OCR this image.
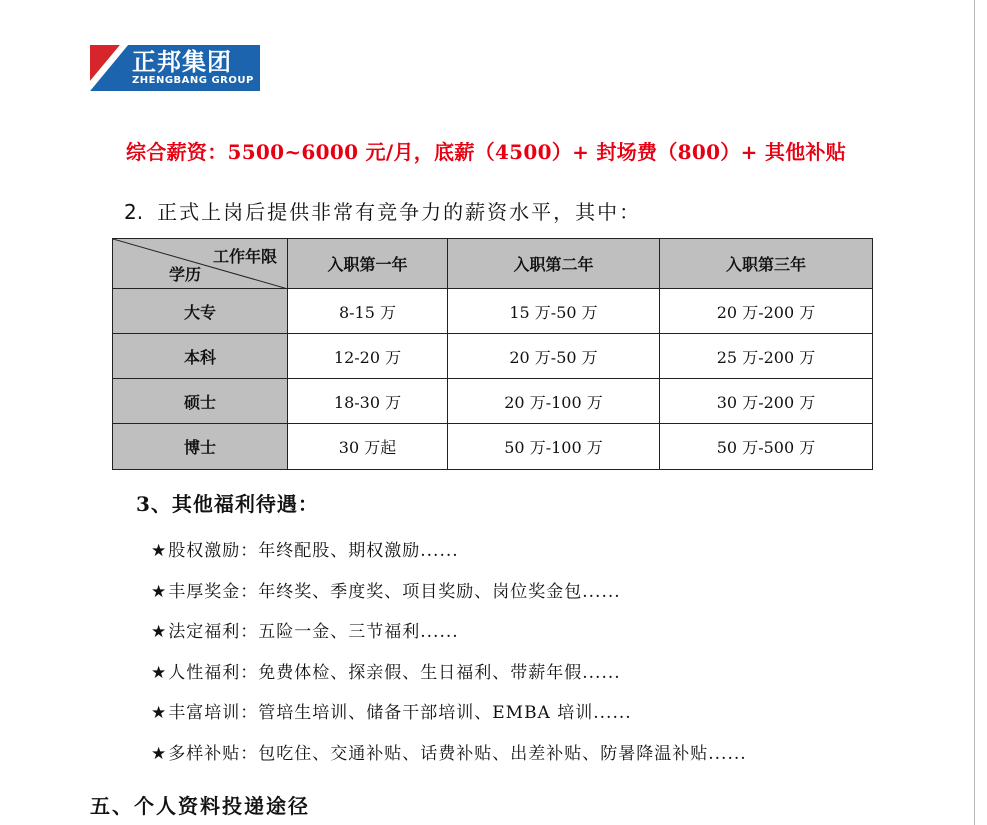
正邦集团
ZHENGBANG GROUP
综合薪资：5500~6000 元/月，底薪（4500）+ 封场费（800）+ 其他补贴
2. 正式上岗后提供非常有竞争力的薪资水平，其中：
工作年限
学历	入职第一年	入职第二年	入职第三年
大专	8-15 万	15 万-50 万	20 万-200 万
本科	12-20 万	20 万-50 万	25 万-200 万
硕士	18-30 万	20 万-100 万	30 万-200 万
博士	30 万起	50 万-100 万	50 万-500 万
3、其他福利待遇：
★股权激励：年终配股、期权激励......
★丰厚奖金：年终奖、季度奖、项目奖励、岗位奖金包......
★法定福利：五险一金、三节福利......
★人性福利：免费体检、探亲假、生日福利、带薪年假......
★丰富培训：管培生培训、储备干部培训、EMBA 培训......
★多样补贴：包吃住、交通补贴、话费补贴、出差补贴、防暑降温补贴......
五、个人资料投递途径
